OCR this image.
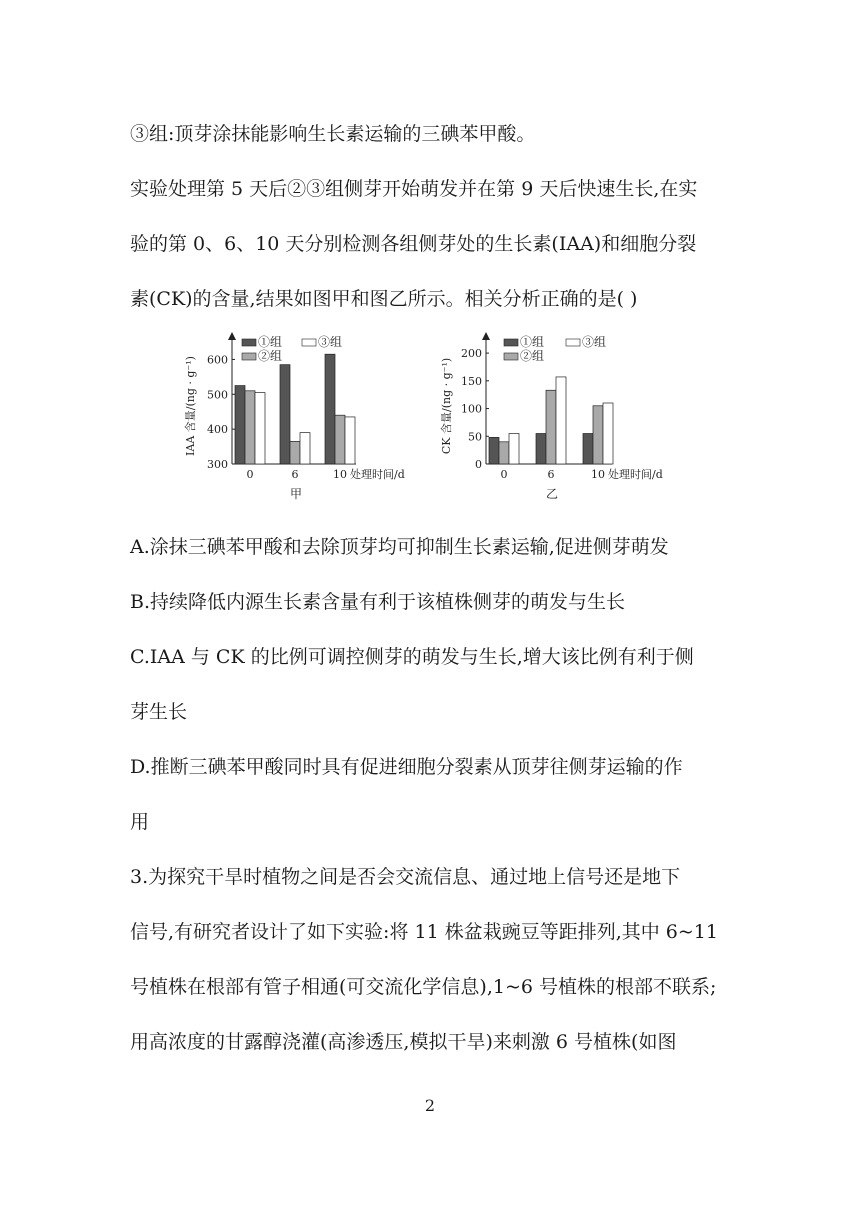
③组:顶芽涂抹能影响生长素运输的三碘苯甲酸。
实验处理第 5 天后②③组侧芽开始萌发并在第 9 天后快速生长,在实
验的第 0、6、10 天分别检测各组侧芽处的生长素(IAA)和细胞分裂
素(CK)的含量,结果如图甲和图乙所示。相关分析正确的是( )
300
400
500
600
0	6	10
IAA 含量/(ng · g⁻¹)
处理时间/d
甲
①组	③组
②组
0
50
100
150
200
0	6	10
CK 含量/(ng · g⁻¹)
处理时间/d
乙
①组	③组
②组
A.涂抹三碘苯甲酸和去除顶芽均可抑制生长素运输,促进侧芽萌发
B.持续降低内源生长素含量有利于该植株侧芽的萌发与生长
C.IAA 与 CK 的比例可调控侧芽的萌发与生长,增大该比例有利于侧
芽生长
D.推断三碘苯甲酸同时具有促进细胞分裂素从顶芽往侧芽运输的作
用
3.为探究干旱时植物之间是否会交流信息、通过地上信号还是地下
信号,有研究者设计了如下实验:将 11 株盆栽豌豆等距排列,其中 6~11
号植株在根部有管子相通(可交流化学信息),1~6 号植株的根部不联系;
用高浓度的甘露醇浇灌(高渗透压,模拟干旱)来刺激 6 号植株(如图
2
